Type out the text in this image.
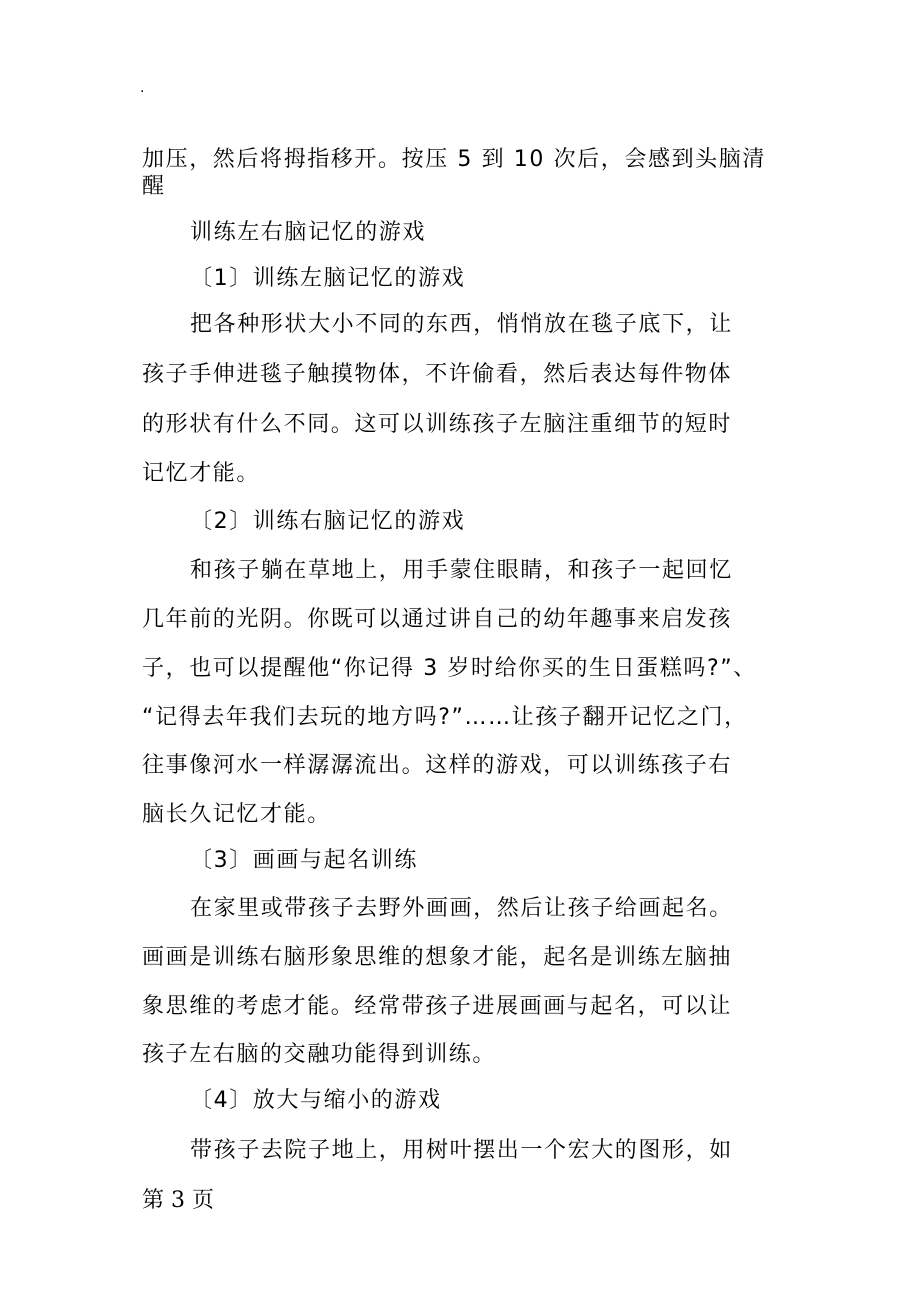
.
加压，然后将拇指移开。按压 5 到 10 次后，会感到头脑清
醒
训练左右脑记忆的游戏
〔1〕训练左脑记忆的游戏
把各种形状大小不同的东西，悄悄放在毯子底下，让
孩子手伸进毯子触摸物体，不许偷看，然后表达每件物体
的形状有什么不同。这可以训练孩子左脑注重细节的短时
记忆才能。
〔2〕训练右脑记忆的游戏
和孩子躺在草地上，用手蒙住眼睛，和孩子一起回忆
几年前的光阴。你既可以通过讲自己的幼年趣事来启发孩
子，也可以提醒他“你记得 3 岁时给你买的生日蛋糕吗?”、
“记得去年我们去玩的地方吗?”……让孩子翻开记忆之门，
往事像河水一样潺潺流出。这样的游戏，可以训练孩子右
脑长久记忆才能。
〔3〕画画与起名训练
在家里或带孩子去野外画画，然后让孩子给画起名。
画画是训练右脑形象思维的想象才能，起名是训练左脑抽
象思维的考虑才能。经常带孩子进展画画与起名，可以让
孩子左右脑的交融功能得到训练。
〔4〕放大与缩小的游戏
带孩子去院子地上，用树叶摆出一个宏大的图形，如
第 3 页
